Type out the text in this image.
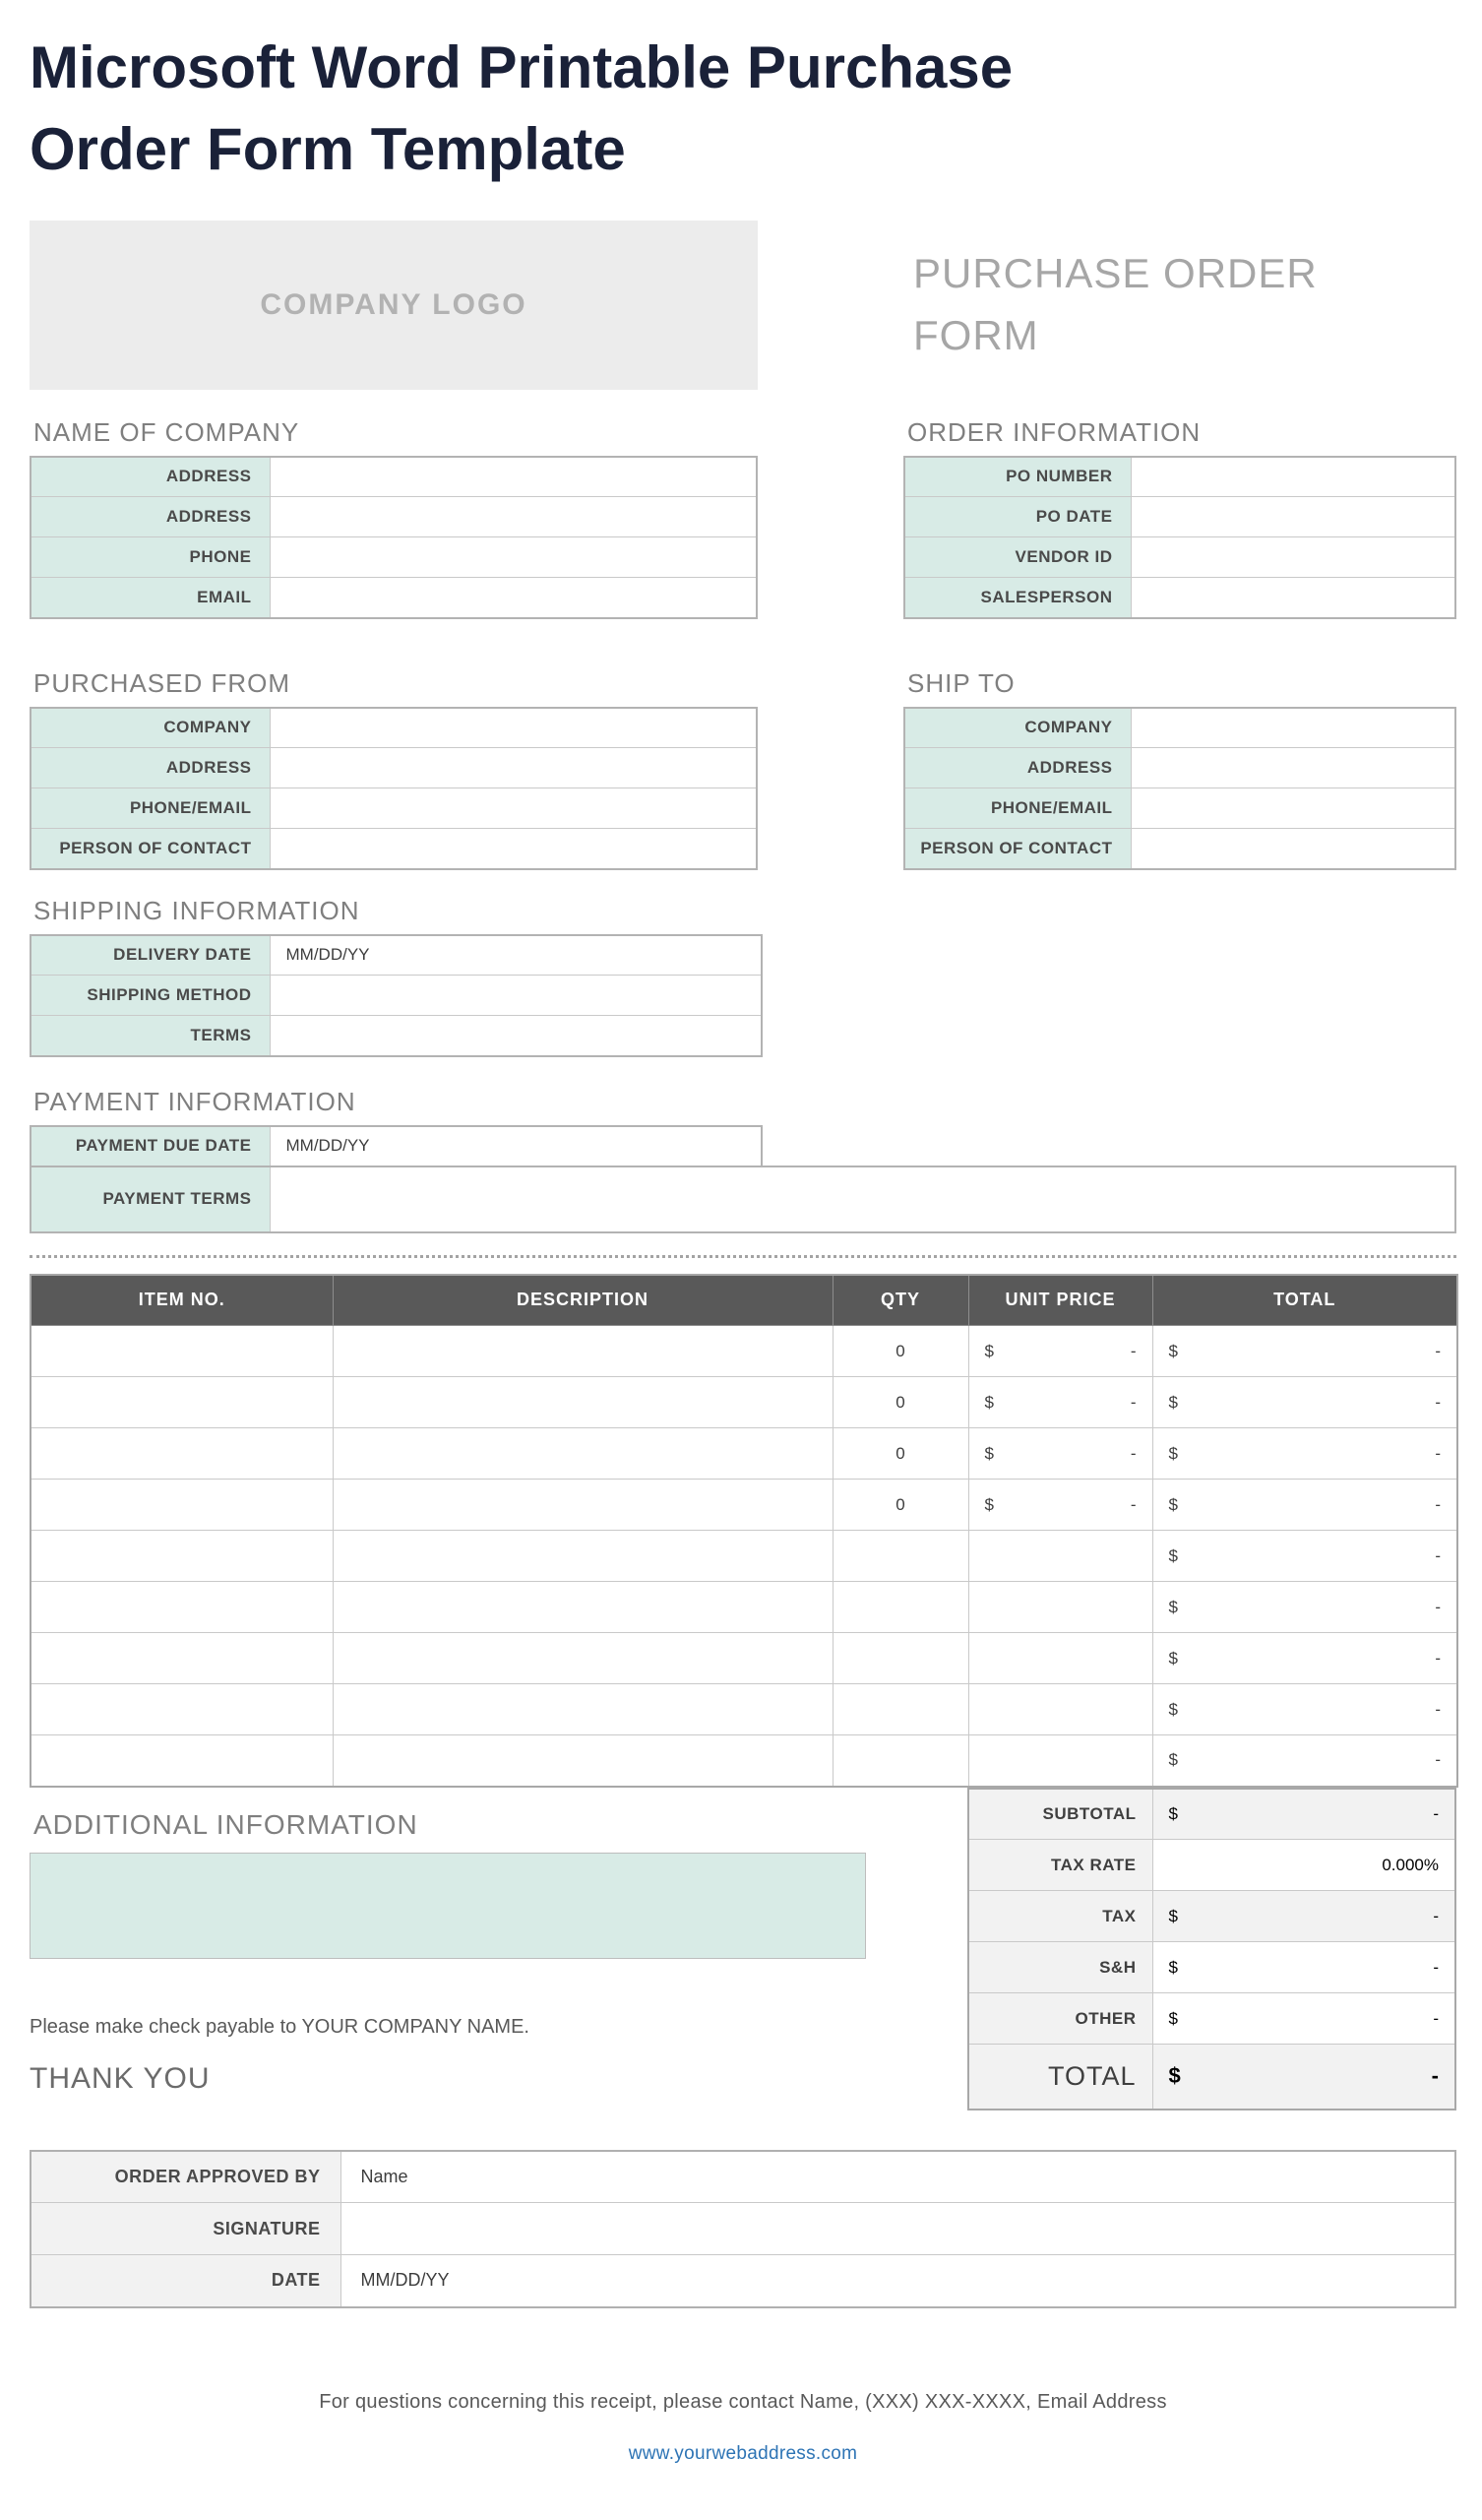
Microsoft Word Printable Purchase
Order Form Template
COMPANY LOGO
PURCHASE ORDER
FORM
NAME OF COMPANY
ADDRESS	
ADDRESS	
PHONE	
EMAIL	
ORDER INFORMATION
PO NUMBER	
PO DATE	
VENDOR ID	
SALESPERSON	
PURCHASED FROM
COMPANY	
ADDRESS	
PHONE/EMAIL	
PERSON OF CONTACT	
SHIP TO
COMPANY	
ADDRESS	
PHONE/EMAIL	
PERSON OF CONTACT	
SHIPPING INFORMATION
DELIVERY DATE	MM/DD/YY
SHIPPING METHOD	
TERMS	
PAYMENT INFORMATION
PAYMENT DUE DATE	MM/DD/YY
PAYMENT TERMS	
ITEM NO.	DESCRIPTION	QTY	UNIT PRICE	TOTAL
		0	$ -	$ -

		0	$ -	$ -

		0	$ -	$ -

		0	$ -	$ -

				$ -

				$ -

				$ -

				$ -

				$ -
ADDITIONAL INFORMATION
Please make check payable to YOUR COMPANY NAME.
THANK YOU
SUBTOTAL	$ -

TAX RATE	0.000%
TAX	$ -

S&H	$ -

OTHER	$ -

TOTAL	$ -
ORDER APPROVED BY	Name
SIGNATURE	
DATE	MM/DD/YY
For questions concerning this receipt, please contact Name, (XXX) XXX-XXXX, Email Address
www.yourwebaddress.com
